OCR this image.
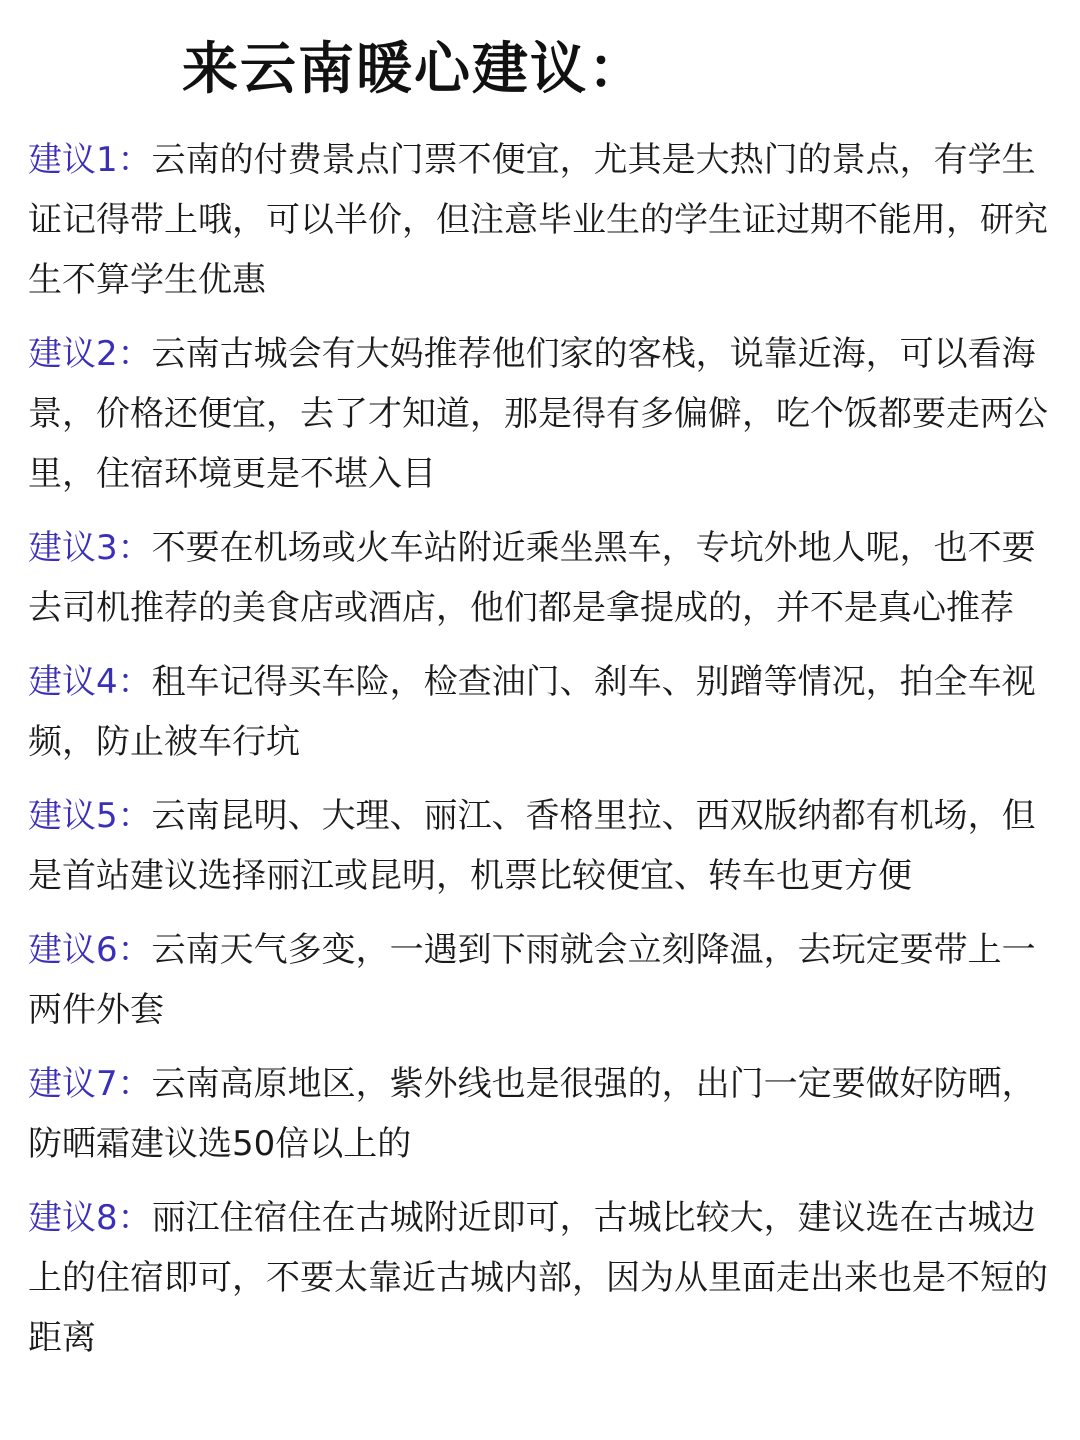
来云南暖心建议：

建议1：云南的付费景点门票不便宜，尤其是大热门的景点，有学生证记得带上哦，可以半价，但注意毕业生的学生证过期不能用，研究生不算学生优惠

建议2：云南古城会有大妈推荐他们家的客栈，说靠近海，可以看海景，价格还便宜，去了才知道，那是得有多偏僻，吃个饭都要走两公里，住宿环境更是不堪入目

建议3：不要在机场或火车站附近乘坐黑车，专坑外地人呢，也不要去司机推荐的美食店或酒店，他们都是拿提成的，并不是真心推荐

建议4：租车记得买车险，检查油门、刹车、别蹭等情况，拍全车视频，防止被车行坑

建议5：云南昆明、大理、丽江、香格里拉、西双版纳都有机场，但是首站建议选择丽江或昆明，机票比较便宜、转车也更方便

建议6：云南天气多变，一遇到下雨就会立刻降温，去玩定要带上一两件外套

建议7：云南高原地区，紫外线也是很强的，出门一定要做好防晒，防晒霜建议选50倍以上的

建议8：丽江住宿住在古城附近即可，古城比较大，建议选在古城边上的住宿即可，不要太靠近古城内部，因为从里面走出来也是不短的距离
